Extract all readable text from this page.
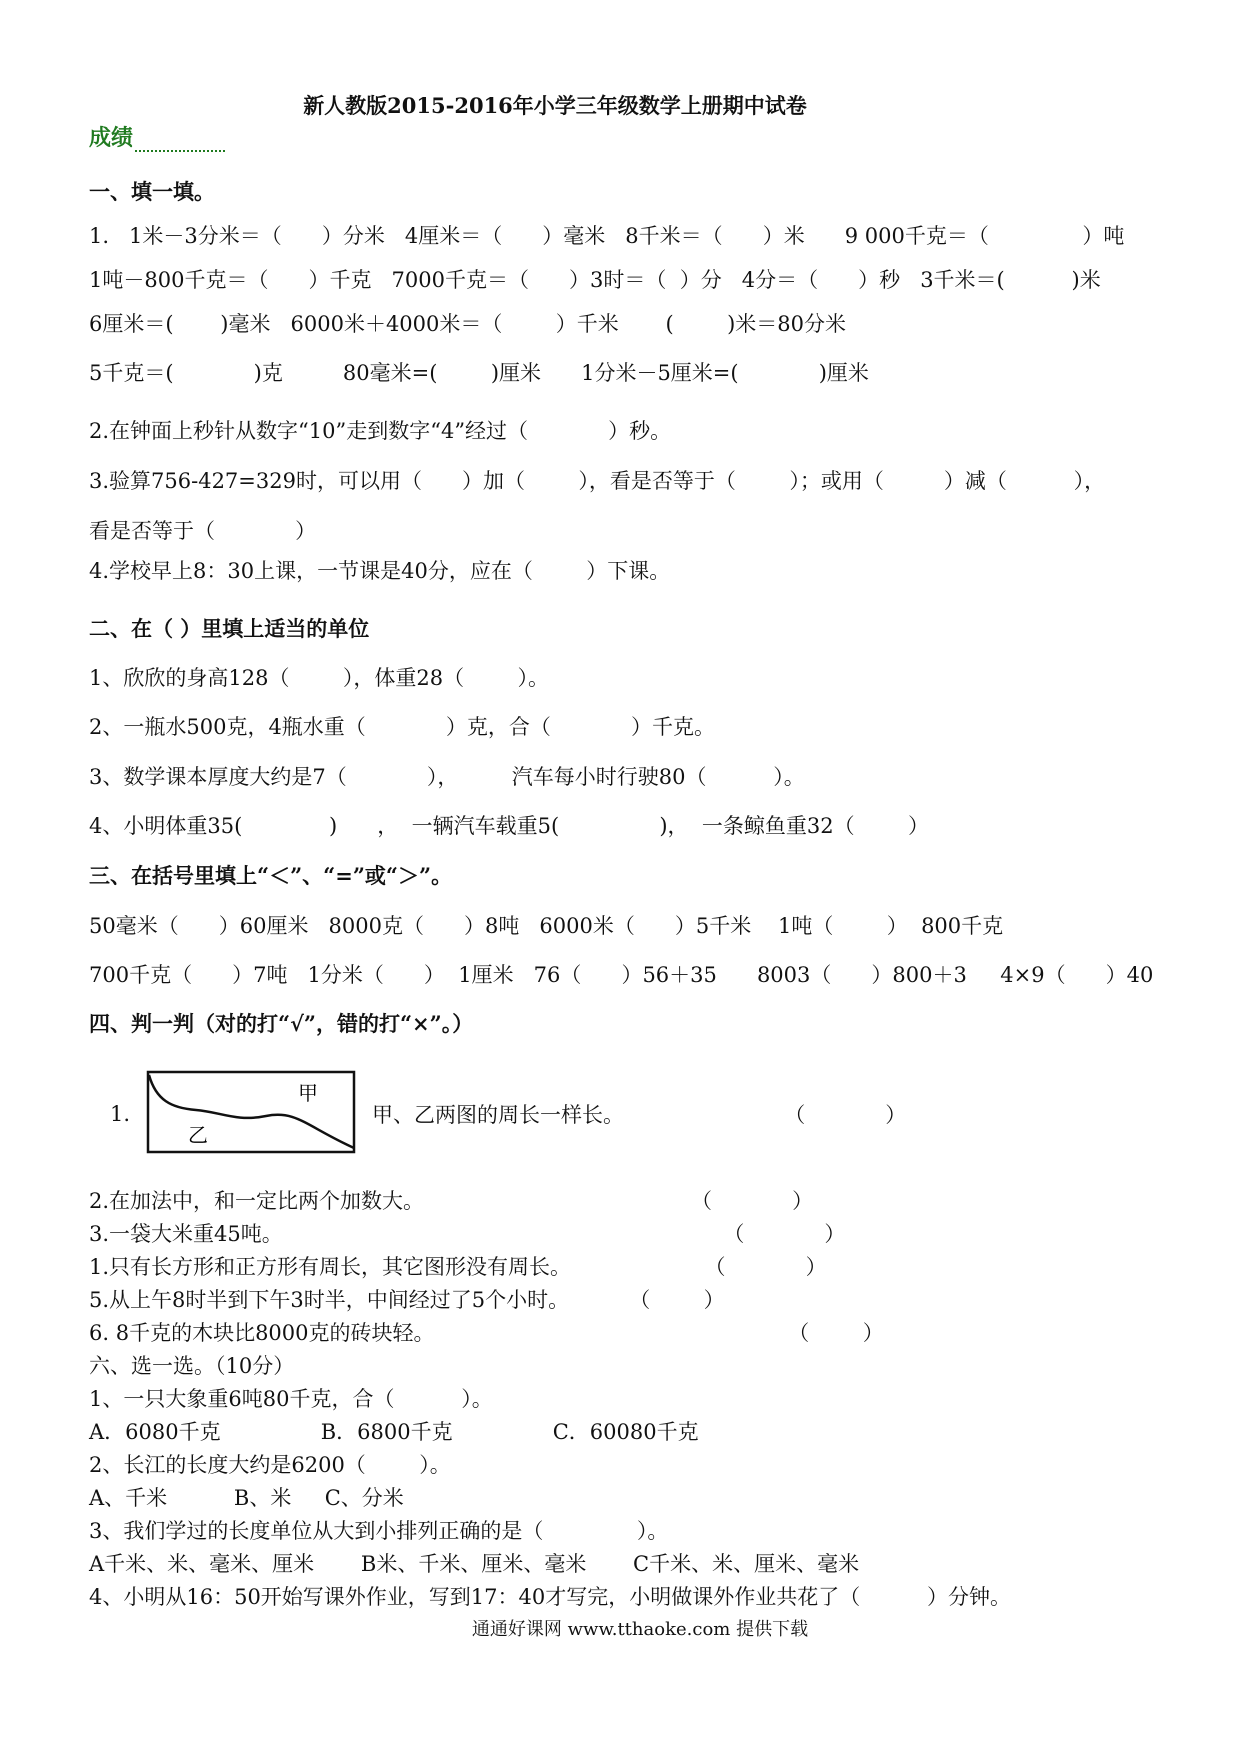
新人教版2015-2016年小学三年级数学上册期中试卷
成绩
一、填一填。
1.   1米－3分米＝（      ）分米   4厘米＝（      ）毫米   8千米＝（      ）米      9 000千克＝（              ）吨
1吨－800千克＝（      ）千克   7000千克＝（      ）3时＝（  ）分   4分＝（      ）秒   3千米＝(          )米
6厘米＝(       )毫米   6000米＋4000米＝（        ）千米       (        )米＝80分米
5千克＝(            )克         80毫米=(        )厘米      1分米－5厘米=(            )厘米
2.在钟面上秒针从数字“10”走到数字“4”经过（            ）秒。
3.验算756-427=329时，可以用（      ）加（        ），看是否等于（        ）；或用（         ）减（          ），
看是否等于（            ）
4.学校早上8：30上课，一节课是40分，应在（        ）下课。
二、在（ ）里填上适当的单位
1、欣欣的身高128（        ），体重28（        ）。
2、一瓶水500克，4瓶水重（            ）克，合（            ）千克。
3、数学课本厚度大约是7（            ），        汽车每小时行驶80（          ）。
4、小明体重35(             )      ，  一辆汽车载重5(               )，  一条鲸鱼重32（        ）
三、在括号里填上“＜”、“=”或“＞”。
50毫米（      ）60厘米   8000克（      ）8吨   6000米（      ）5千米    1吨（        ）  800千克
700千克（      ）7吨   1分米（      ）  1厘米   76（      ）56＋35      8003（      ）800＋3     4×9（      ）40
四、判一判（对的打“√”，错的打“×”。）
1.
甲
乙
甲、乙两图的周长一样长。                        （            ）
2.在加法中，和一定比两个加数大。                                        （            ）
3.一袋大米重45吨。                                                                  （            ）
1.只有长方形和正方形有周长，其它图形没有周长。                    （            ）
5.从上午8时半到下午3时半，中间经过了5个小时。         （        ）
6. 8千克的木块比8000克的砖块轻。                                                     （        ）
六、选一选。（10分）
1、一只大象重6吨80千克，合（          ）。
A．6080千克               B．6800千克               C．60080千克
2、长江的长度大约是6200（        ）。
A、千米          B、米     C、分米
3、我们学过的长度单位从大到小排列正确的是（              ）。
A千米、米、毫米、厘米       B米、千米、厘米、毫米       C千米、米、厘米、毫米
4、小明从16：50开始写课外作业，写到17：40才写完，小明做课外作业共花了（          ）分钟。
通通好课网 www.tthaoke.com 提供下载
